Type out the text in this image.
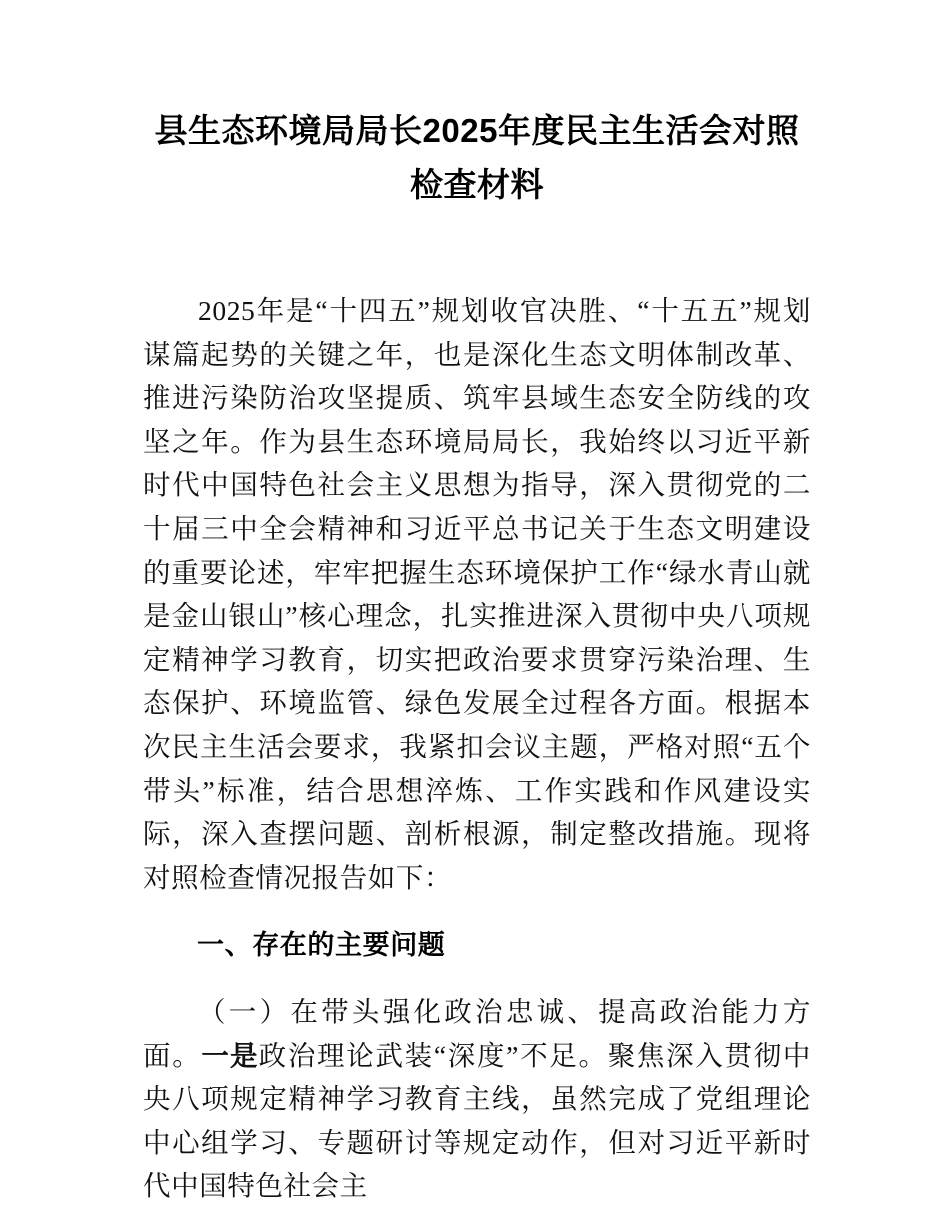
县生态环境局局长2025年度民主生活会对照
检查材料

2025年是“十四五”规划收官决胜、“十五五”规划谋篇起势的关键之年，也是深化生态文明体制改革、推进污染防治攻坚提质、筑牢县域生态安全防线的攻坚之年。作为县生态环境局局长，我始终以习近平新时代中国特色社会主义思想为指导，深入贯彻党的二十届三中全会精神和习近平总书记关于生态文明建设的重要论述，牢牢把握生态环境保护工作“绿水青山就是金山银山”核心理念，扎实推进深入贯彻中央八项规定精神学习教育，切实把政治要求贯穿污染治理、生态保护、环境监管、绿色发展全过程各方面。根据本次民主生活会要求，我紧扣会议主题，严格对照“五个带头”标准，结合思想淬炼、工作实践和作风建设实际，深入查摆问题、剖析根源，制定整改措施。现将对照检查情况报告如下：

一、存在的主要问题

（一）在带头强化政治忠诚、提高政治能力方面。一是政治理论武装“深度”不足。聚焦深入贯彻中央八项规定精神学习教育主线，虽然完成了党组理论中心组学习、专题研讨等规定动作，但对习近平新时代中国特色社会主
